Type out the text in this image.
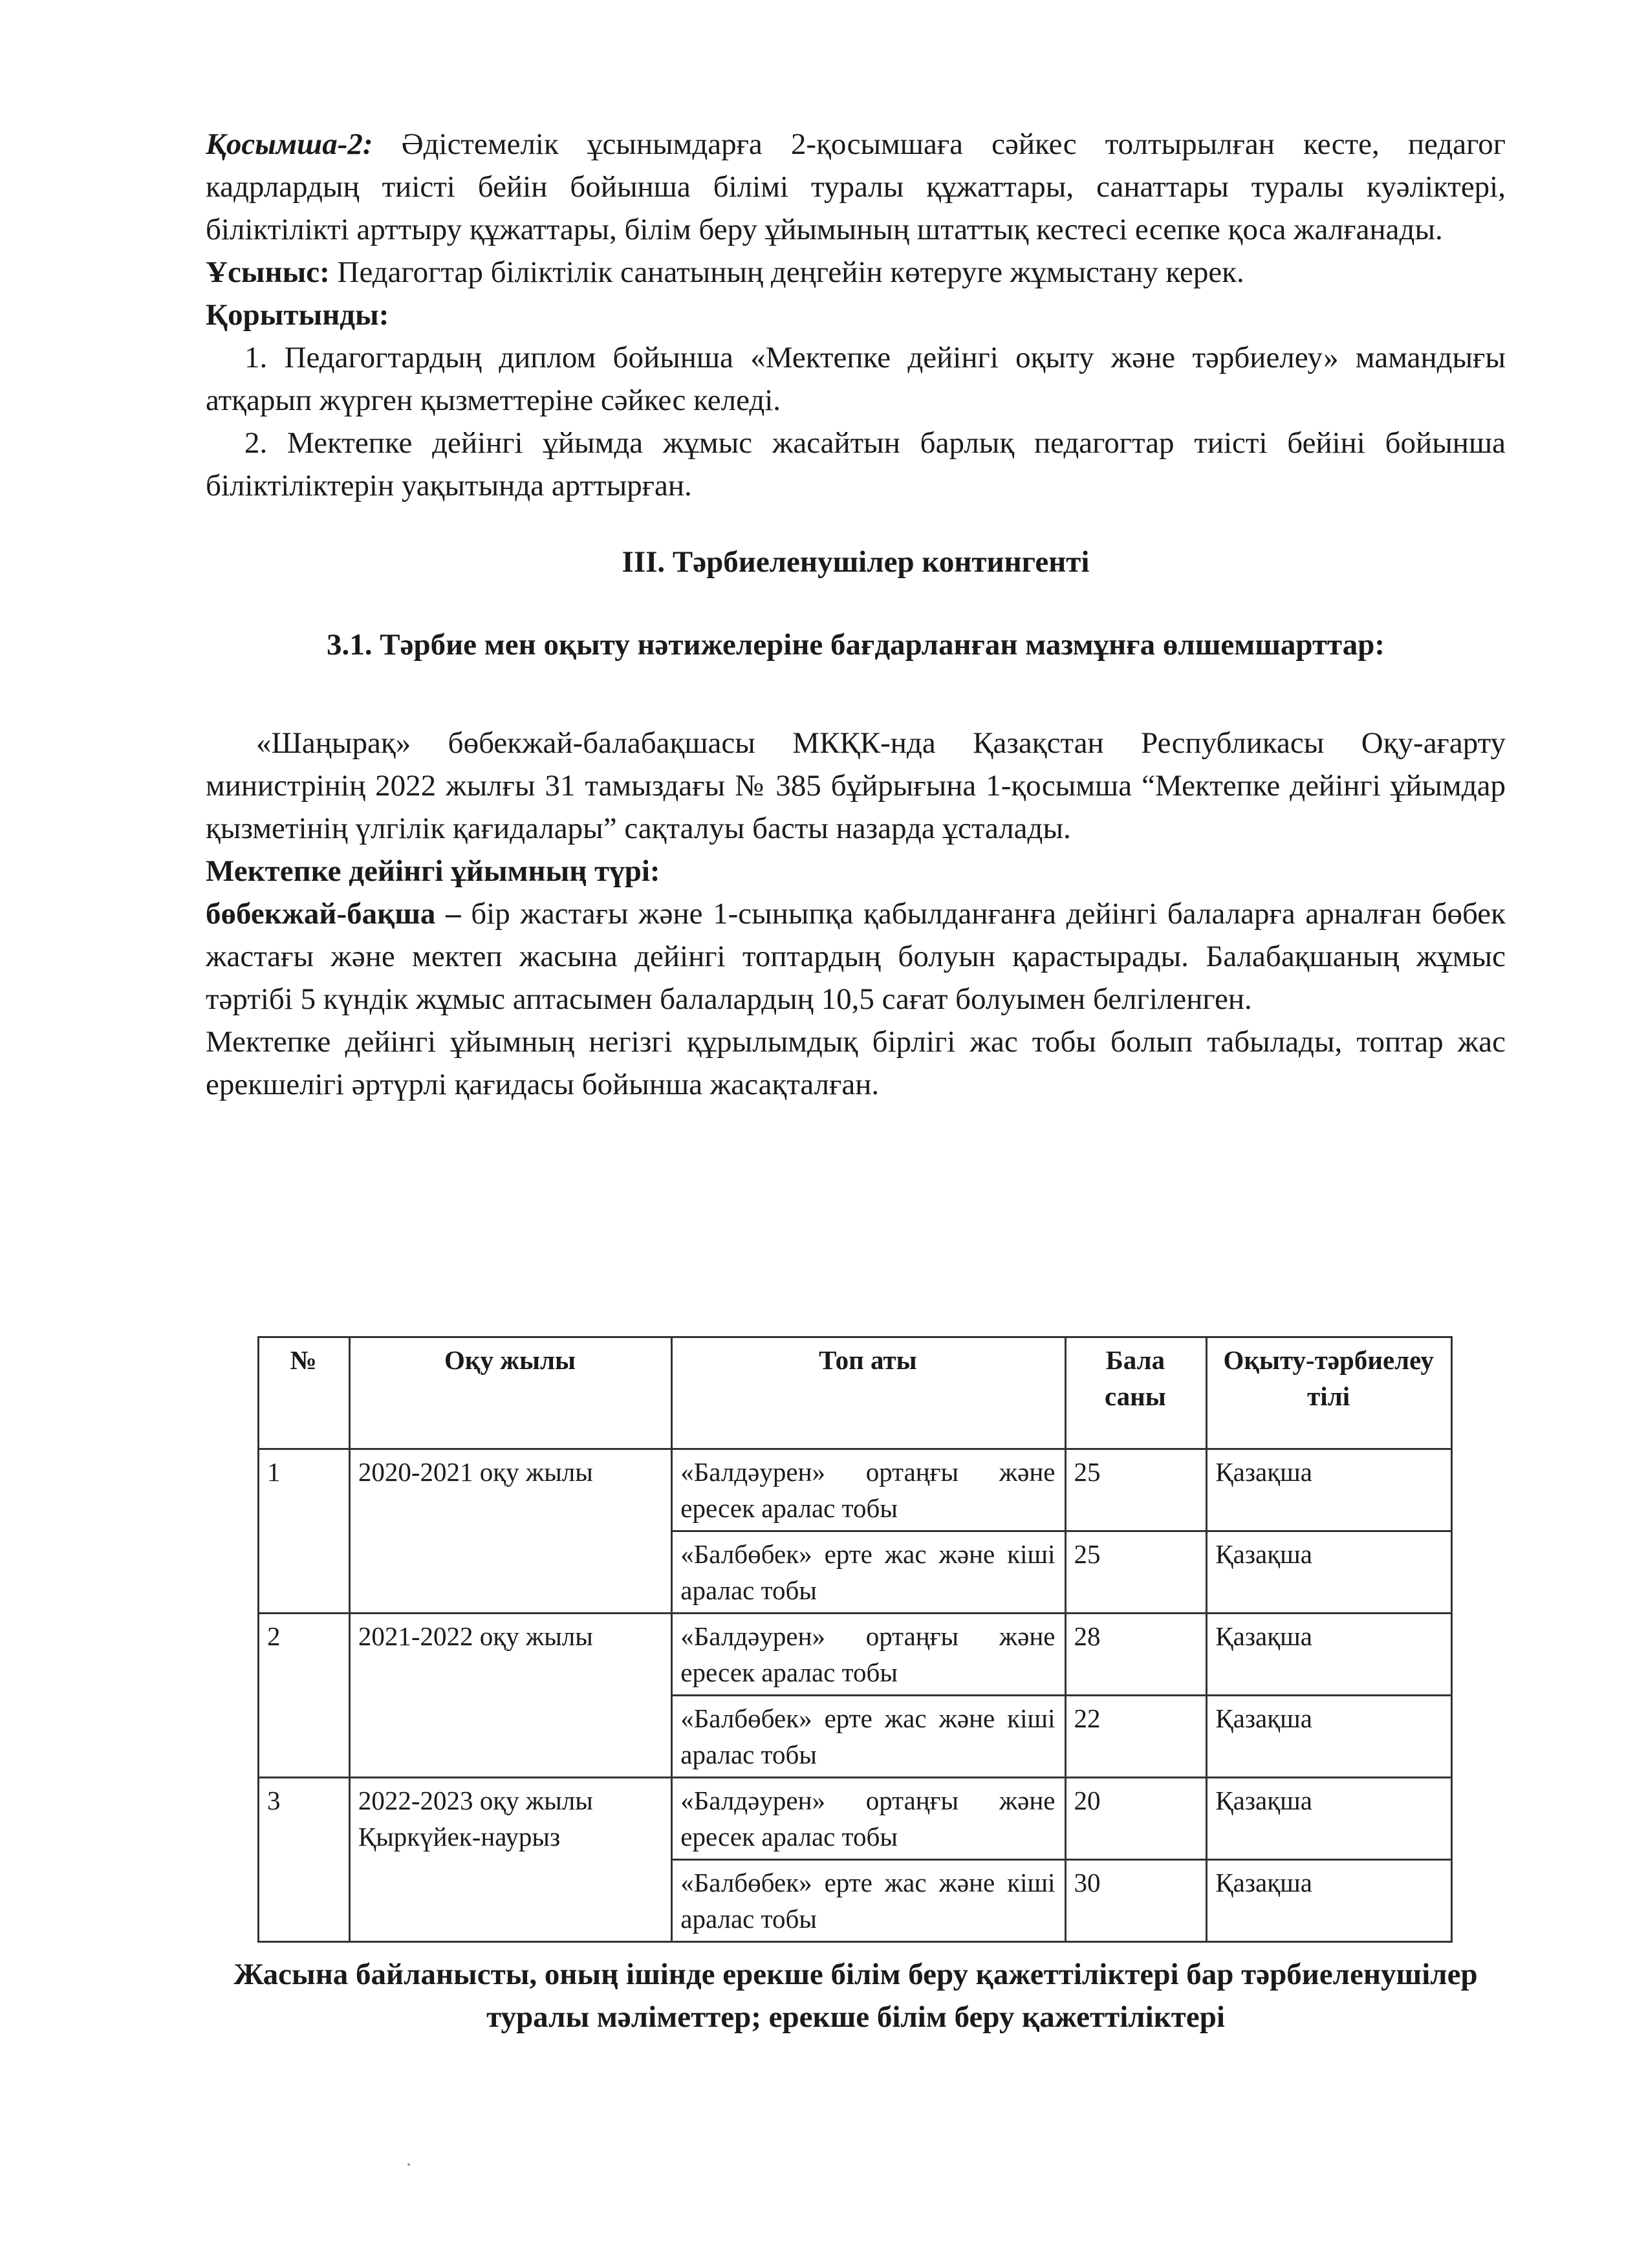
Қосымша-2: Әдістемелік ұсынымдарға 2-қосымшаға сәйкес толтырылған кесте, педагог кадрлардың тиісті бейін бойынша білімі туралы құжаттары, санаттары туралы куәліктері, біліктілікті арттыру құжаттары, білім беру ұйымының штаттық кестесі есепке қоса жалғанады.

Ұсыныс: Педагогтар біліктілік санатының деңгейін көтеруге жұмыстану керек.

Қорытынды:

1. Педагогтардың диплом бойынша «Мектепке дейінгі оқыту және тәрбиелеу» мамандығы атқарып жүрген қызметтеріне сәйкес келеді.

2. Мектепке дейінгі ұйымда жұмыс жасайтын барлық педагогтар тиісті бейіні бойынша біліктіліктерін уақытында арттырған.

ІІІ. Тәрбиеленушілер контингенті

3.1. Тәрбие мен оқыту нәтижелеріне бағдарланған мазмұнға өлшемшарттар:

«Шаңырақ» бөбекжай-балабақшасы МКҚК-нда Қазақстан Республикасы Оқу-ағарту министрінің 2022 жылғы 31 тамыздағы № 385 бұйрығына 1-қосымша “Мектепке дейінгі ұйымдар қызметінің үлгілік қағидалары” сақталуы басты назарда ұсталады.

Мектепке дейінгі ұйымның түрі:

бөбекжай-бақша – бір жастағы және 1-сыныпқа қабылданғанға дейінгі балаларға арналған бөбек жастағы және мектеп жасына дейінгі топтардың болуын қарастырады. Балабақшаның жұмыс тәртібі 5 күндік жұмыс аптасымен балалардың 10,5 сағат болуымен белгіленген.

Мектепке дейінгі ұйымның негізгі құрылымдық бірлігі жас тобы болып табылады, топтар жас ерекшелігі әртүрлі қағидасы бойынша жасақталған.

№	Оқу жылы	Топ аты	Бала саны	Оқыту-тәрбиелеу тілі
1	2020-2021 оқу жылы	«Балдәурен» ортаңғы және ересек аралас тобы	25	Қазақша
		«Балбөбек» ерте жас және кіші аралас тобы	25	Қазақша
2	2021-2022 оқу жылы	«Балдәурен» ортаңғы және ересек аралас тобы	28	Қазақша
		«Балбөбек» ерте жас және кіші аралас тобы	22	Қазақша
3	2022-2023 оқу жылы Қыркүйек-наурыз	«Балдәурен» ортаңғы және ересек аралас тобы	20	Қазақша
		«Балбөбек» ерте жас және кіші аралас тобы	30	Қазақша

Жасына байланысты, оның ішінде ерекше білім беру қажеттіліктері бар тәрбиеленушілер туралы мәліметтер; ерекше білім беру қажеттіліктері
